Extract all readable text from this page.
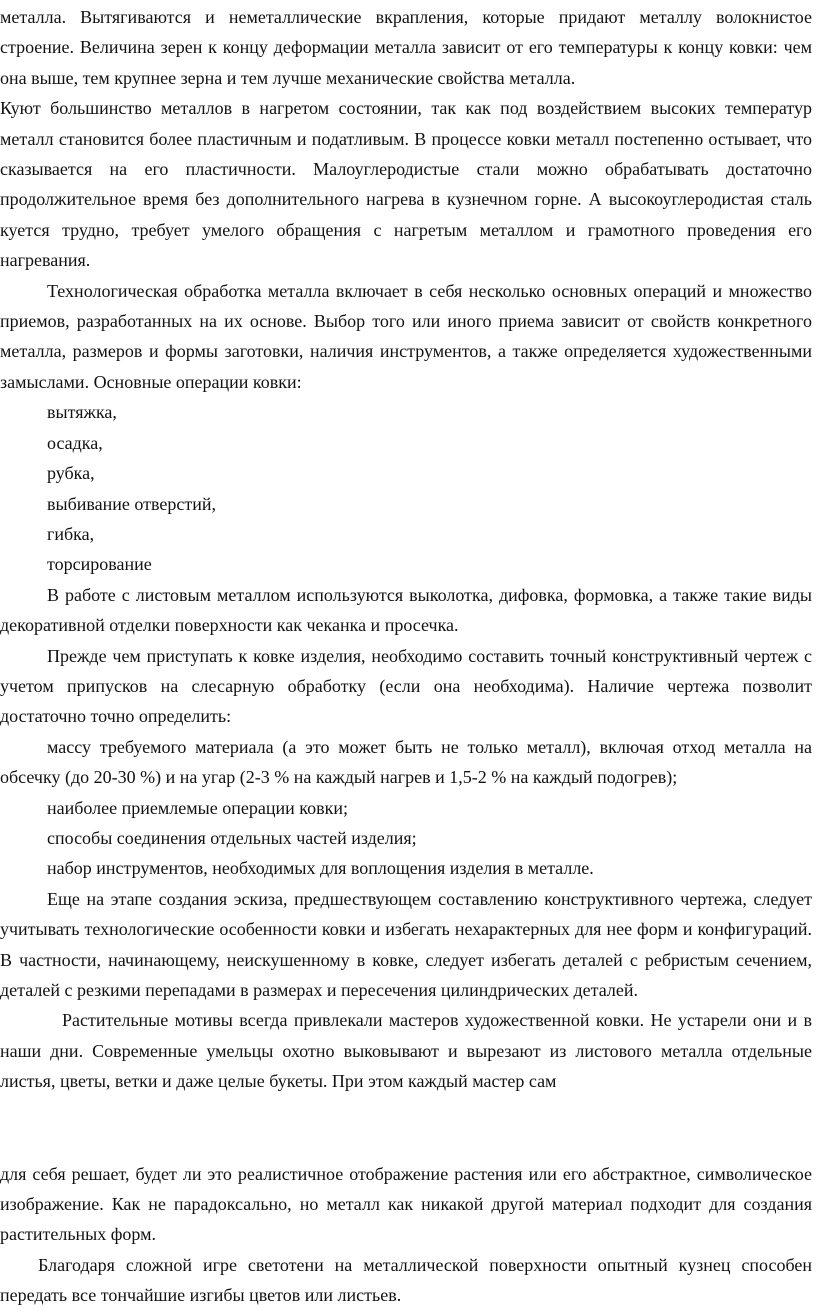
металла. Вытягиваются и неметаллические вкрапления, которые придают металлу волокнистое строение. Величина зерен к концу деформации металла зависит от его температуры к концу ковки: чем она выше, тем крупнее зерна и тем лучше механические свойства металла.

Куют большинство металлов в нагретом состоянии, так как под воздействием высоких температур металл становится более пластичным и податливым. В процессе ковки металл постепенно остывает, что сказывается на его пластичности. Малоуглеродистые стали можно обрабатывать достаточно продолжительное время без дополнительного нагрева в кузнечном горне. А высокоуглеродистая сталь куется трудно, требует умелого обращения с нагретым металлом и грамотного проведения его нагревания.

Технологическая обработка металла включает в себя несколько основных операций и множество приемов, разработанных на их основе. Выбор того или иного приема зависит от свойств конкретного металла, размеров и формы заготовки, наличия инструментов, а также определяется художественными замыслами. Основные операции ковки:

вытяжка,

осадка,

рубка,

выбивание отверстий,

гибка,

торсирование

В работе с листовым металлом используются выколотка, дифовка, формовка, а также такие виды декоративной отделки поверхности как чеканка и просечка.

Прежде чем приступать к ковке изделия, необходимо составить точный конструктивный чертеж с учетом припусков на слесарную обработку (если она необходима). Наличие чертежа позволит достаточно точно определить:

массу требуемого материала (а это может быть не только металл), включая отход металла на обсечку (до 20-30 %) и на угар (2-3 % на каждый нагрев и 1,5-2 % на каждый подогрев);

наиболее приемлемые операции ковки;

способы соединения отдельных частей изделия;

набор инструментов, необходимых для воплощения изделия в металле.

Еще на этапе создания эскиза, предшествующем составлению конструктивного чертежа, следует учитывать технологические особенности ковки и избегать нехарактерных для нее форм и конфигураций. В частности, начинающему, неискушенному в ковке, следует избегать деталей с ребристым сечением, деталей с резкими перепадами в размерах и пересечения цилиндрических деталей.

Растительные мотивы всегда привлекали мастеров художественной ковки. Не устарели они и в наши дни. Современные умельцы охотно выковывают и вырезают из листового металла отдельные листья, цветы, ветки и даже целые букеты. При этом каждый мастер сам

для себя решает, будет ли это реалистичное отображение растения или его абстрактное, символическое изображение. Как не парадоксально, но металл как никакой другой материал подходит для создания растительных форм.

Благодаря сложной игре светотени на металлической поверхности опытный кузнец способен передать все тончайшие изгибы цветов или листьев.
